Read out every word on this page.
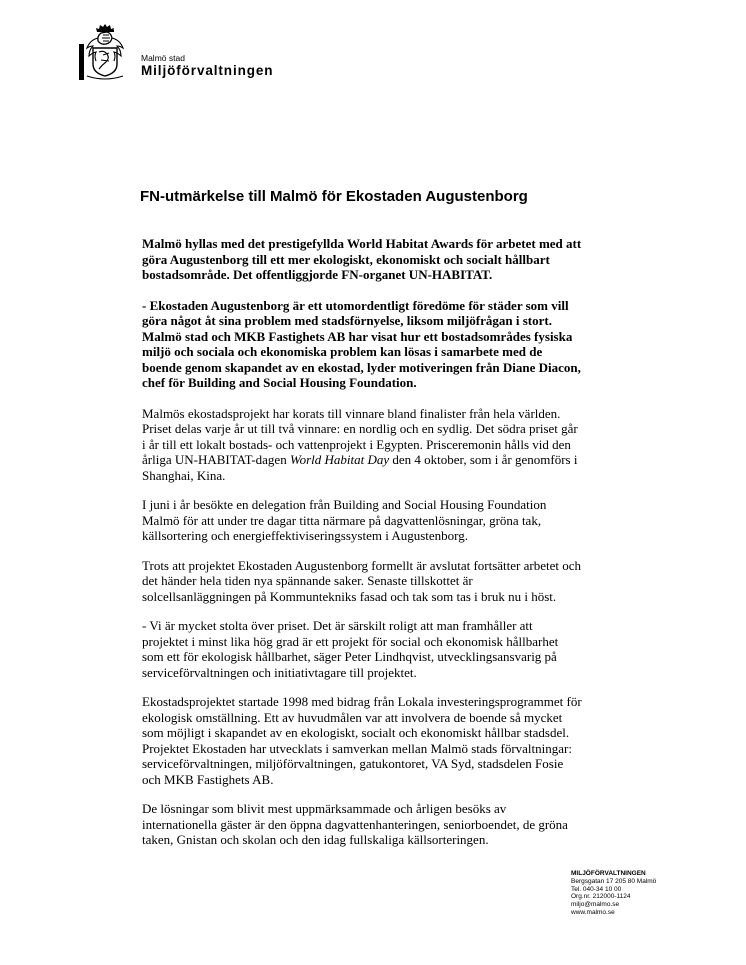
Malmö stad
Miljöförvaltningen
FN-utmärkelse till Malmö för Ekostaden Augustenborg

Malmö hyllas med det prestigefyllda World Habitat Awards för arbetet med att göra Augustenborg till ett mer ekologiskt, ekonomiskt och socialt hållbart bostadsområde. Det offentliggjorde FN-organet UN-HABITAT.

- Ekostaden Augustenborg är ett utomordentligt föredöme för städer som vill göra något åt sina problem med stadsförnyelse, liksom miljöfrågan i stort. Malmö stad och MKB Fastighets AB har visat hur ett bostadsområdes fysiska miljö och sociala och ekonomiska problem kan lösas i samarbete med de boende genom skapandet av en ekostad, lyder motiveringen från Diane Diacon, chef för Building and Social Housing Foundation.

Malmös ekostadsprojekt har korats till vinnare bland finalister från hela världen. Priset delas varje år ut till två vinnare: en nordlig och en sydlig. Det södra priset går i år till ett lokalt bostads- och vattenprojekt i Egypten. Prisceremonin hålls vid den årliga UN-HABITAT-dagen World Habitat Day den 4 oktober, som i år genomförs i Shanghai, Kina.

I juni i år besökte en delegation från Building and Social Housing Foundation Malmö för att under tre dagar titta närmare på dagvattenlösningar, gröna tak, källsortering och energieffektiviseringssystem i Augustenborg.

Trots att projektet Ekostaden Augustenborg formellt är avslutat fortsätter arbetet och det händer hela tiden nya spännande saker. Senaste tillskottet är solcellsanläggningen på Kommuntekniks fasad och tak som tas i bruk nu i höst.

- Vi är mycket stolta över priset. Det är särskilt roligt att man framhåller att projektet i minst lika hög grad är ett projekt för social och ekonomisk hållbarhet som ett för ekologisk hållbarhet, säger Peter Lindhqvist, utvecklingsansvarig på serviceförvaltningen och initiativtagare till projektet.

Ekostadsprojektet startade 1998 med bidrag från Lokala investeringsprogrammet för ekologisk omställning. Ett av huvudmålen var att involvera de boende så mycket som möjligt i skapandet av en ekologiskt, socialt och ekonomiskt hållbar stadsdel. Projektet Ekostaden har utvecklats i samverkan mellan Malmö stads förvaltningar: serviceförvaltningen, miljöförvaltningen, gatukontoret, VA Syd, stadsdelen Fosie och MKB Fastighets AB.

De lösningar som blivit mest uppmärksammade och årligen besöks av internationella gäster är den öppna dagvattenhanteringen, seniorboendet, de gröna taken, Gnistan och skolan och den idag fullskaliga källsorteringen.

MILJÖFÖRVALTNINGEN
Bergsgatan 17 205 80 Malmö
Tel. 040-34 10 00
Org.nr. 212000-1124
miljo@malmo.se
www.malmo.se
